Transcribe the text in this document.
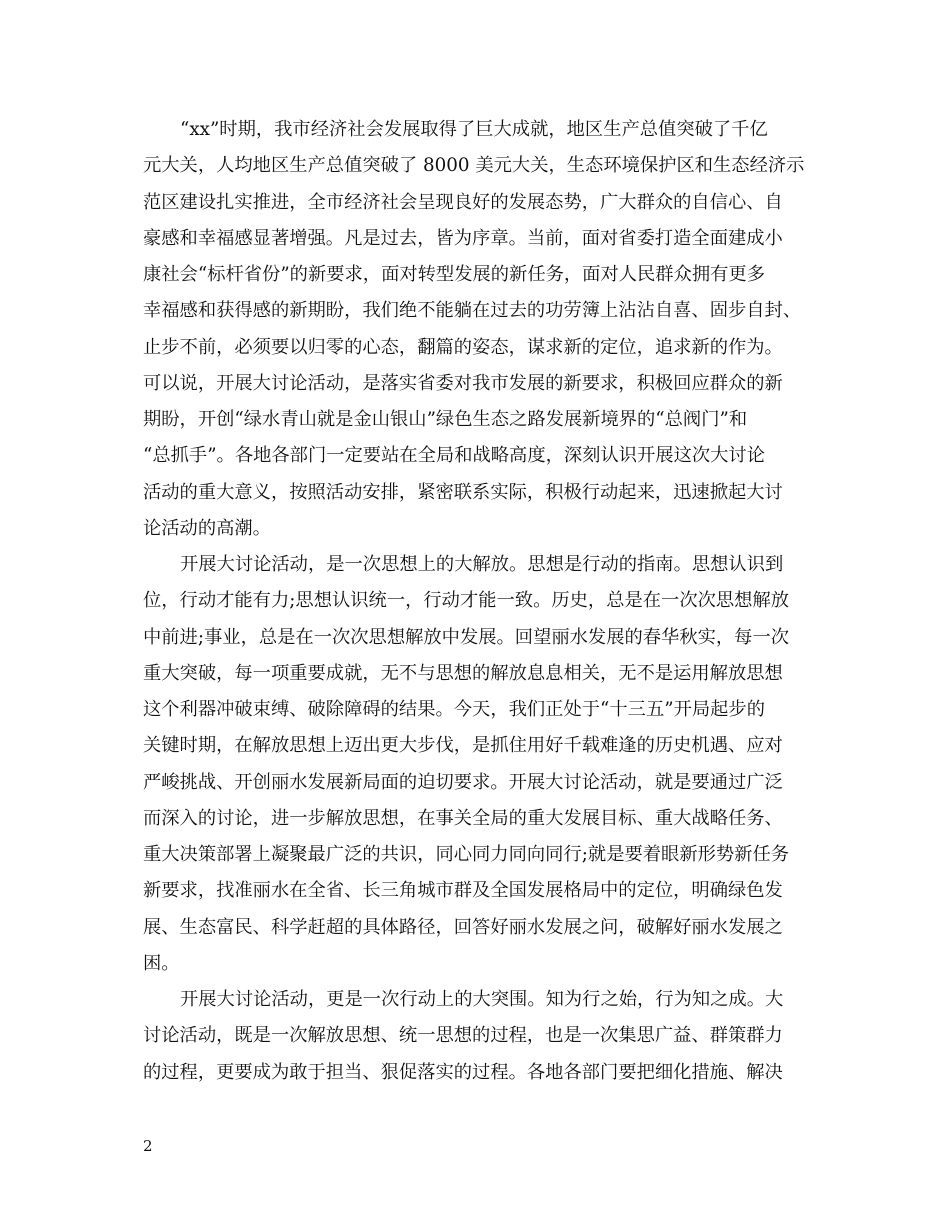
“xx”时期，我市经济社会发展取得了巨大成就，地区生产总值突破了千亿
元大关，人均地区生产总值突破了 8000 美元大关，生态环境保护区和生态经济示
范区建设扎实推进，全市经济社会呈现良好的发展态势，广大群众的自信心、自
豪感和幸福感显著增强。凡是过去，皆为序章。当前，面对省委打造全面建成小
康社会“标杆省份”的新要求，面对转型发展的新任务，面对人民群众拥有更多
幸福感和获得感的新期盼，我们绝不能躺在过去的功劳簿上沾沾自喜、固步自封、
止步不前，必须要以归零的心态，翻篇的姿态，谋求新的定位，追求新的作为。
可以说，开展大讨论活动，是落实省委对我市发展的新要求，积极回应群众的新
期盼，开创“绿水青山就是金山银山”绿色生态之路发展新境界的“总阀门”和
“总抓手”。各地各部门一定要站在全局和战略高度，深刻认识开展这次大讨论
活动的重大意义，按照活动安排，紧密联系实际，积极行动起来，迅速掀起大讨
论活动的高潮。
开展大讨论活动，是一次思想上的大解放。思想是行动的指南。思想认识到
位，行动才能有力;思想认识统一，行动才能一致。历史，总是在一次次思想解放
中前进;事业，总是在一次次思想解放中发展。回望丽水发展的春华秋实，每一次
重大突破，每一项重要成就，无不与思想的解放息息相关，无不是运用解放思想
这个利器冲破束缚、破除障碍的结果。今天，我们正处于“十三五”开局起步的
关键时期，在解放思想上迈出更大步伐，是抓住用好千载难逢的历史机遇、应对
严峻挑战、开创丽水发展新局面的迫切要求。开展大讨论活动，就是要通过广泛
而深入的讨论，进一步解放思想，在事关全局的重大发展目标、重大战略任务、
重大决策部署上凝聚最广泛的共识，同心同力同向同行;就是要着眼新形势新任务
新要求，找准丽水在全省、长三角城市群及全国发展格局中的定位，明确绿色发
展、生态富民、科学赶超的具体路径，回答好丽水发展之问，破解好丽水发展之
困。
开展大讨论活动，更是一次行动上的大突围。知为行之始，行为知之成。大
讨论活动，既是一次解放思想、统一思想的过程，也是一次集思广益、群策群力
的过程，更要成为敢于担当、狠促落实的过程。各地各部门要把细化措施、解决
2
